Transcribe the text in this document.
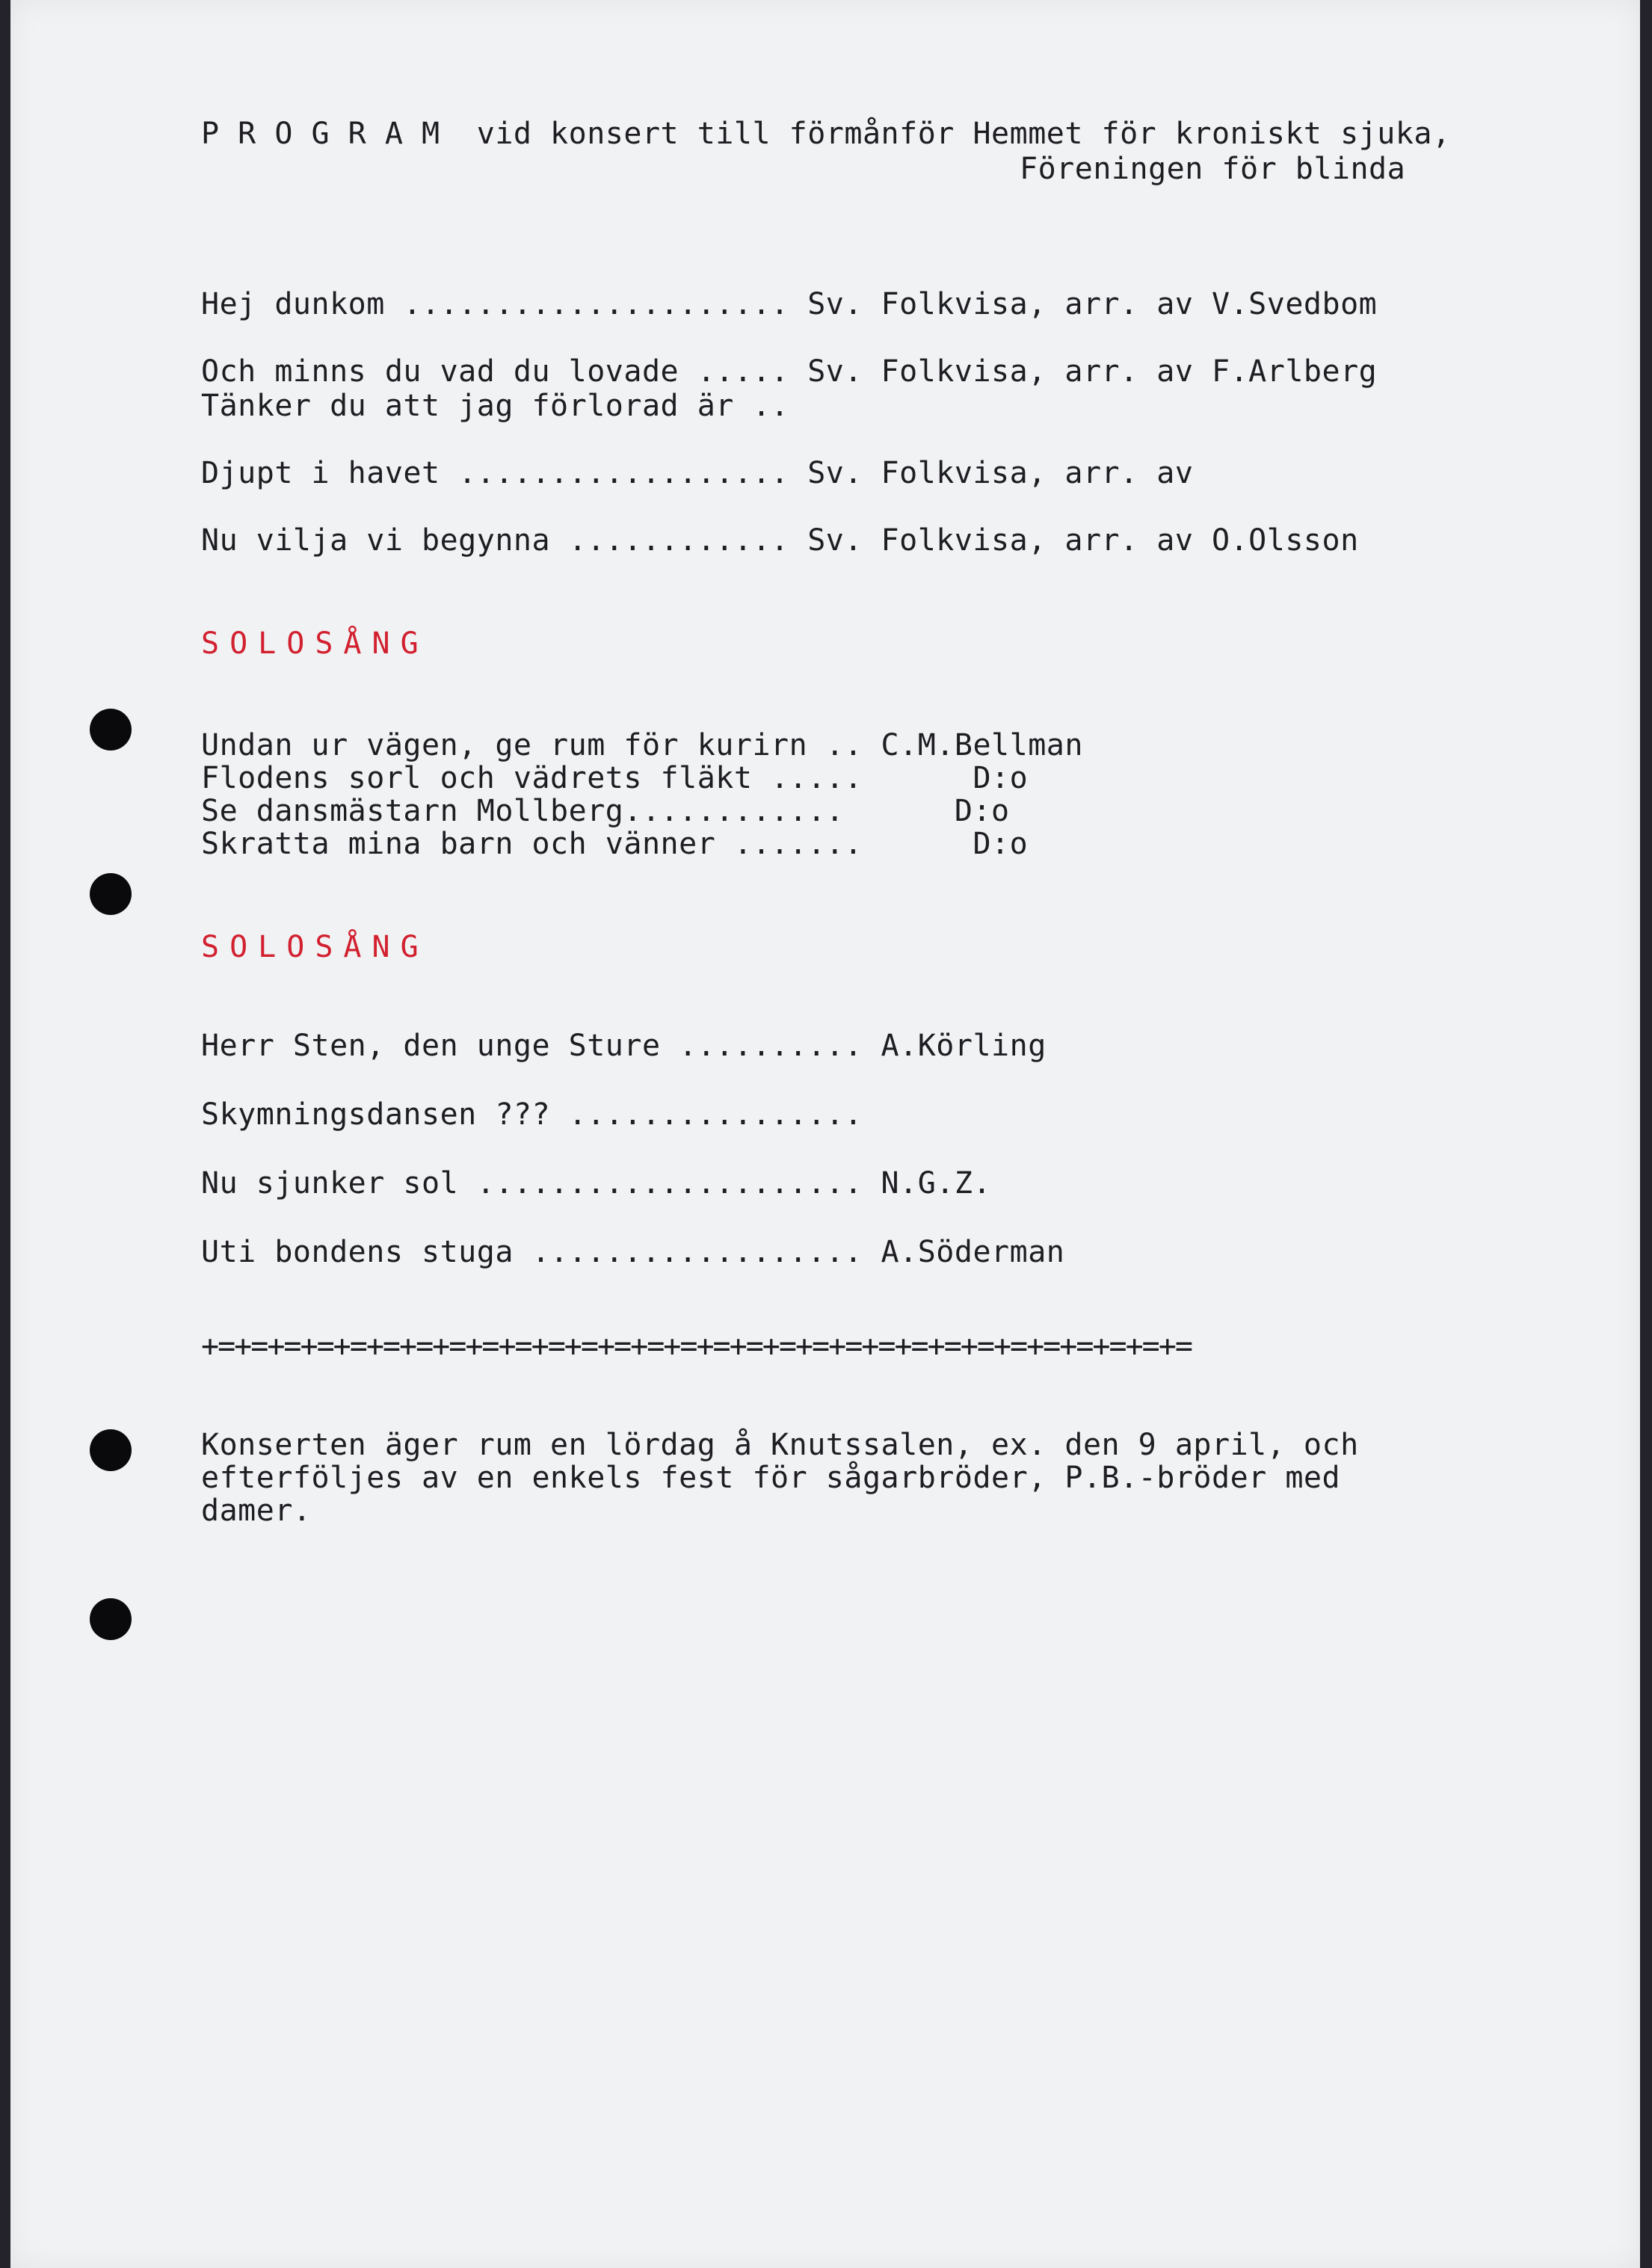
P R O G R A M  vid konsert till förmånför Hemmet för kroniskt sjuka,
Föreningen för blinda
Hej dunkom ..................... Sv. Folkvisa, arr. av V.Svedbom
Och minns du vad du lovade ..... Sv. Folkvisa, arr. av F.Arlberg
Tänker du att jag förlorad är ..
Djupt i havet .................. Sv. Folkvisa, arr. av
Nu vilja vi begynna ............ Sv. Folkvisa, arr. av O.Olsson
SOLOSÅNG
Undan ur vägen, ge rum för kurirn .. C.M.Bellman
Flodens sorl och vädrets fläkt .....      D:o
Se dansmästarn Mollberg............      D:o
Skratta mina barn och vänner .......      D:o
SOLOSÅNG
Herr Sten, den unge Sture .......... A.Körling
Skymningsdansen ??? ................
Nu sjunker sol ..................... N.G.Z.
Uti bondens stuga .................. A.Söderman
+=+=+=+=+=+=+=+=+=+=+=+=+=+=+=+=+=+=+=+=+=+=+=+=+=+=+=+=+=+=
Konserten äger rum en lördag å Knutssalen, ex. den 9 april, och
efterföljes av en enkels fest för sågarbröder, P.B.-bröder med
damer.
